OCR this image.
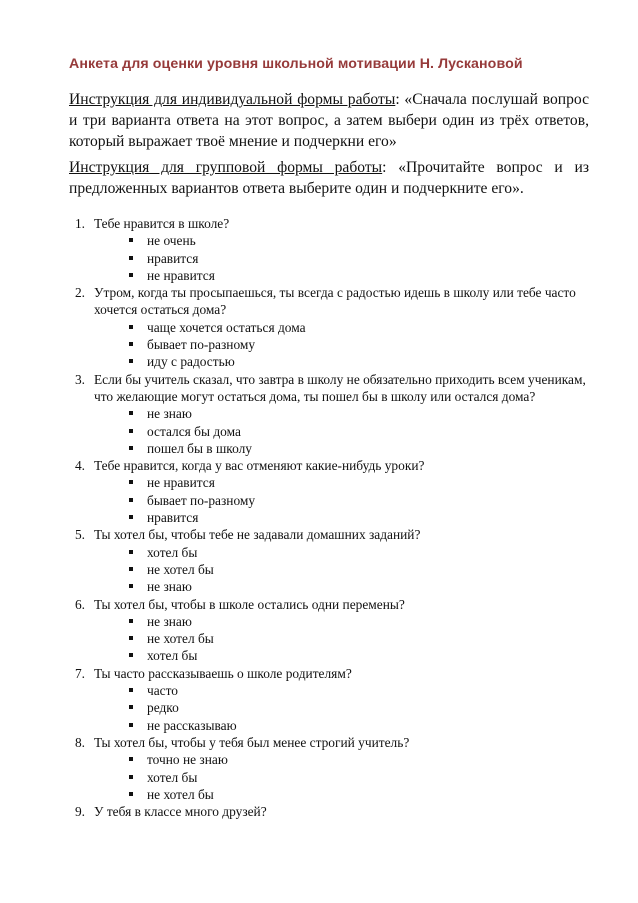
Анкета для оценки уровня школьной мотивации Н. Лускановой
Инструкция для индивидуальной формы работы: «Сначала послушай вопрос и три варианта ответа на этот вопрос, а затем выбери один из трёх ответов, который выражает твоё мнение и подчеркни его»
Инструкция для групповой формы работы: «Прочитайте вопрос и из предложенных вариантов ответа выберите один и подчеркните его».
1. Тебе нравится в школе?
не очень
нравится
не нравится
2. Утром, когда ты просыпаешься, ты всегда с радостью идешь в школу или тебе часто хочется остаться дома?
чаще хочется остаться дома
бывает по-разному
иду с радостью
3. Если бы учитель сказал, что завтра в школу не обязательно приходить всем ученикам, что желающие могут остаться дома, ты пошел бы в школу или остался дома?
не знаю
остался бы дома
пошел бы в школу
4. Тебе нравится, когда у вас отменяют какие-нибудь уроки?
не нравится
бывает по-разному
нравится
5. Ты хотел бы, чтобы тебе не задавали домашних заданий?
хотел бы
не хотел бы
не знаю
6. Ты хотел бы, чтобы в школе остались одни перемены?
не знаю
не хотел бы
хотел бы
7. Ты часто рассказываешь о школе родителям?
часто
редко
не рассказываю
8. Ты хотел бы, чтобы у тебя был менее строгий учитель?
точно не знаю
хотел бы
не хотел бы
9. У тебя в классе много друзей?
